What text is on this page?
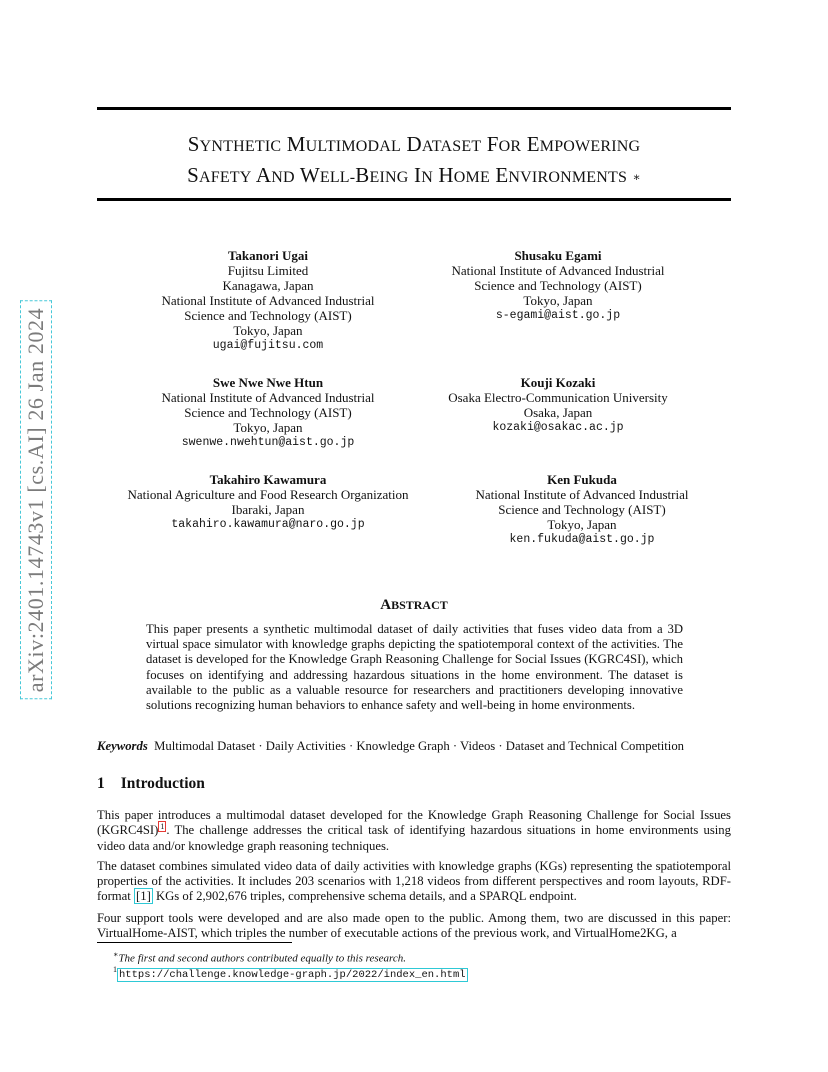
arXiv:2401.14743v1 [cs.AI] 26 Jan 2024
SYNTHETIC MULTIMODAL DATASET FOR EMPOWERING
SAFETY AND WELL-BEING IN HOME ENVIRONMENTS ∗
Takanori Ugai
Fujitsu Limited
Kanagawa, Japan
National Institute of Advanced Industrial
Science and Technology (AIST)
Tokyo, Japan
ugai@fujitsu.com
Shusaku Egami
National Institute of Advanced Industrial
Science and Technology (AIST)
Tokyo, Japan
s-egami@aist.go.jp
Swe Nwe Nwe Htun
National Institute of Advanced Industrial
Science and Technology (AIST)
Tokyo, Japan
swenwe.nwehtun@aist.go.jp
Kouji Kozaki
Osaka Electro-Communication University
Osaka, Japan
kozaki@osakac.ac.jp
Takahiro Kawamura
National Agriculture and Food Research Organization
Ibaraki, Japan
takahiro.kawamura@naro.go.jp
Ken Fukuda
National Institute of Advanced Industrial
Science and Technology (AIST)
Tokyo, Japan
ken.fukuda@aist.go.jp
ABSTRACT
This paper presents a synthetic multimodal dataset of daily activities that fuses video data from a 3D virtual space simulator with knowledge graphs depicting the spatiotemporal context of the activities. The dataset is developed for the Knowledge Graph Reasoning Challenge for Social Issues (KGRC4SI), which focuses on identifying and addressing hazardous situations in the home environment. The dataset is available to the public as a valuable resource for researchers and practitioners developing innovative solutions recognizing human behaviors to enhance safety and well-being in home environments.
Keywords Multimodal Dataset · Daily Activities · Knowledge Graph · Videos · Dataset and Technical Competition
1 Introduction
This paper introduces a multimodal dataset developed for the Knowledge Graph Reasoning Challenge for Social Issues (KGRC4SI) $^1$ . The challenge addresses the critical task of identifying hazardous situations in home environments using video data and/or knowledge graph reasoning techniques.
The dataset combines simulated video data of daily activities with knowledge graphs (KGs) representing the spatiotemporal properties of the activities. It includes 203 scenarios with 1,218 videos from different perspectives and room layouts, RDF-format [1] KGs of 2,902,676 triples, comprehensive schema details, and a SPARQL endpoint.
Four support tools were developed and are also made open to the public. Among them, two are discussed in this paper: VirtualHome-AIST, which triples the number of executable actions of the previous work, and VirtualHome2KG, a
∗The first and second authors contributed equally to this research.
$^1$ https://challenge.knowledge-graph.jp/2022/index_en.html
